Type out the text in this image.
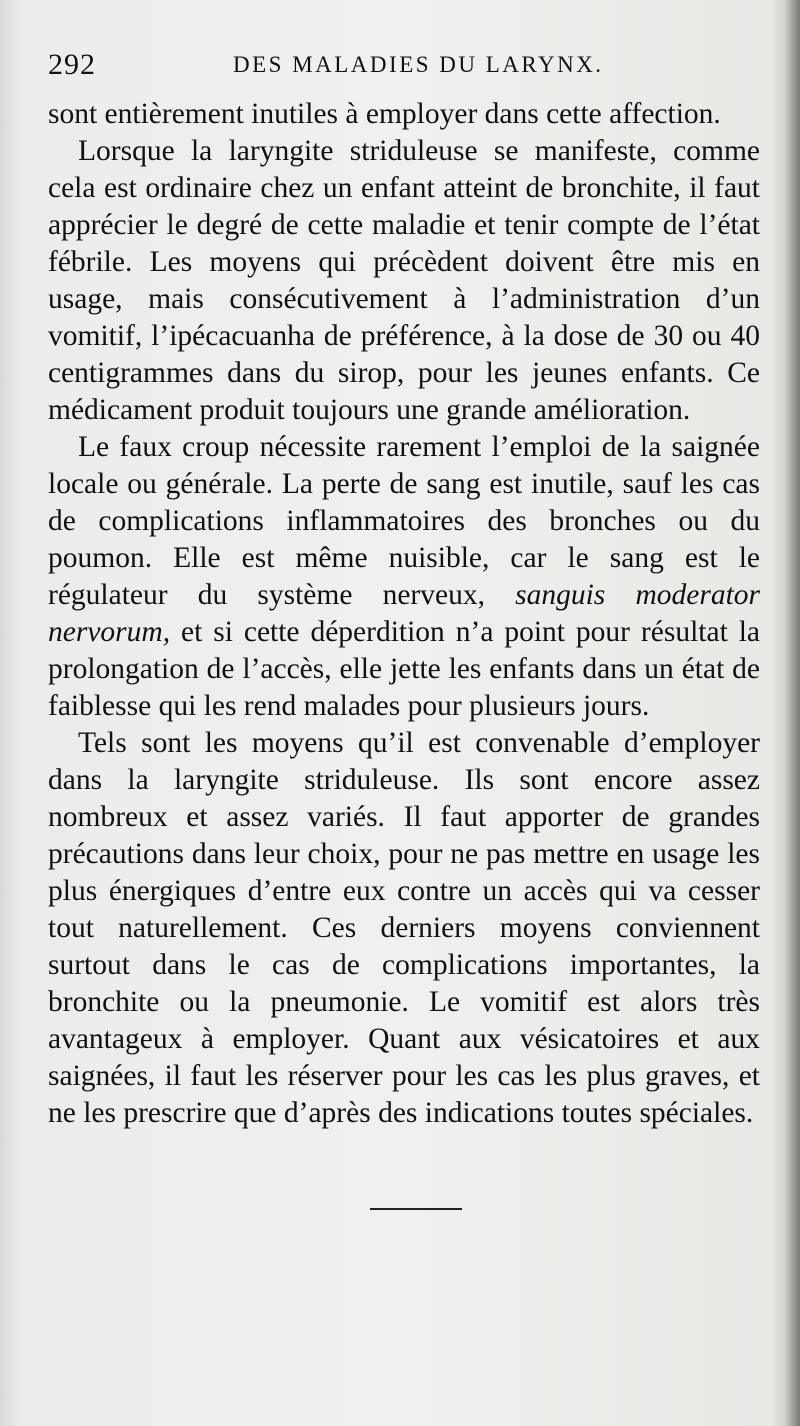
292	DES MALADIES DU LARYNX.

sont entièrement inutiles à employer dans cette affection.

Lorsque la laryngite striduleuse se manifeste, comme cela est ordinaire chez un enfant atteint de bronchite, il faut apprécier le degré de cette maladie et tenir compte de l’état fébrile. Les moyens qui précèdent doivent être mis en usage, mais consécutivement à l’administration d’un vomitif, l’ipécacuanha de préférence, à la dose de 30 ou 40 centigrammes dans du sirop, pour les jeunes enfants. Ce médicament produit toujours une grande amélioration.

Le faux croup nécessite rarement l’emploi de la saignée locale ou générale. La perte de sang est inutile, sauf les cas de complications inflammatoires des bronches ou du poumon. Elle est même nuisible, car le sang est le régulateur du système nerveux, sanguis moderator nervorum, et si cette déperdition n’a point pour résultat la prolongation de l’accès, elle jette les enfants dans un état de faiblesse qui les rend malades pour plusieurs jours.

Tels sont les moyens qu’il est convenable d’employer dans la laryngite striduleuse. Ils sont encore assez nombreux et assez variés. Il faut apporter de grandes précautions dans leur choix, pour ne pas mettre en usage les plus énergiques d’entre eux contre un accès qui va cesser tout naturellement. Ces derniers moyens conviennent surtout dans le cas de complications importantes, la bronchite ou la pneumonie. Le vomitif est alors très avantageux à employer. Quant aux vésicatoires et aux saignées, il faut les réserver pour les cas les plus graves, et ne les prescrire que d’après des indications toutes spéciales.
